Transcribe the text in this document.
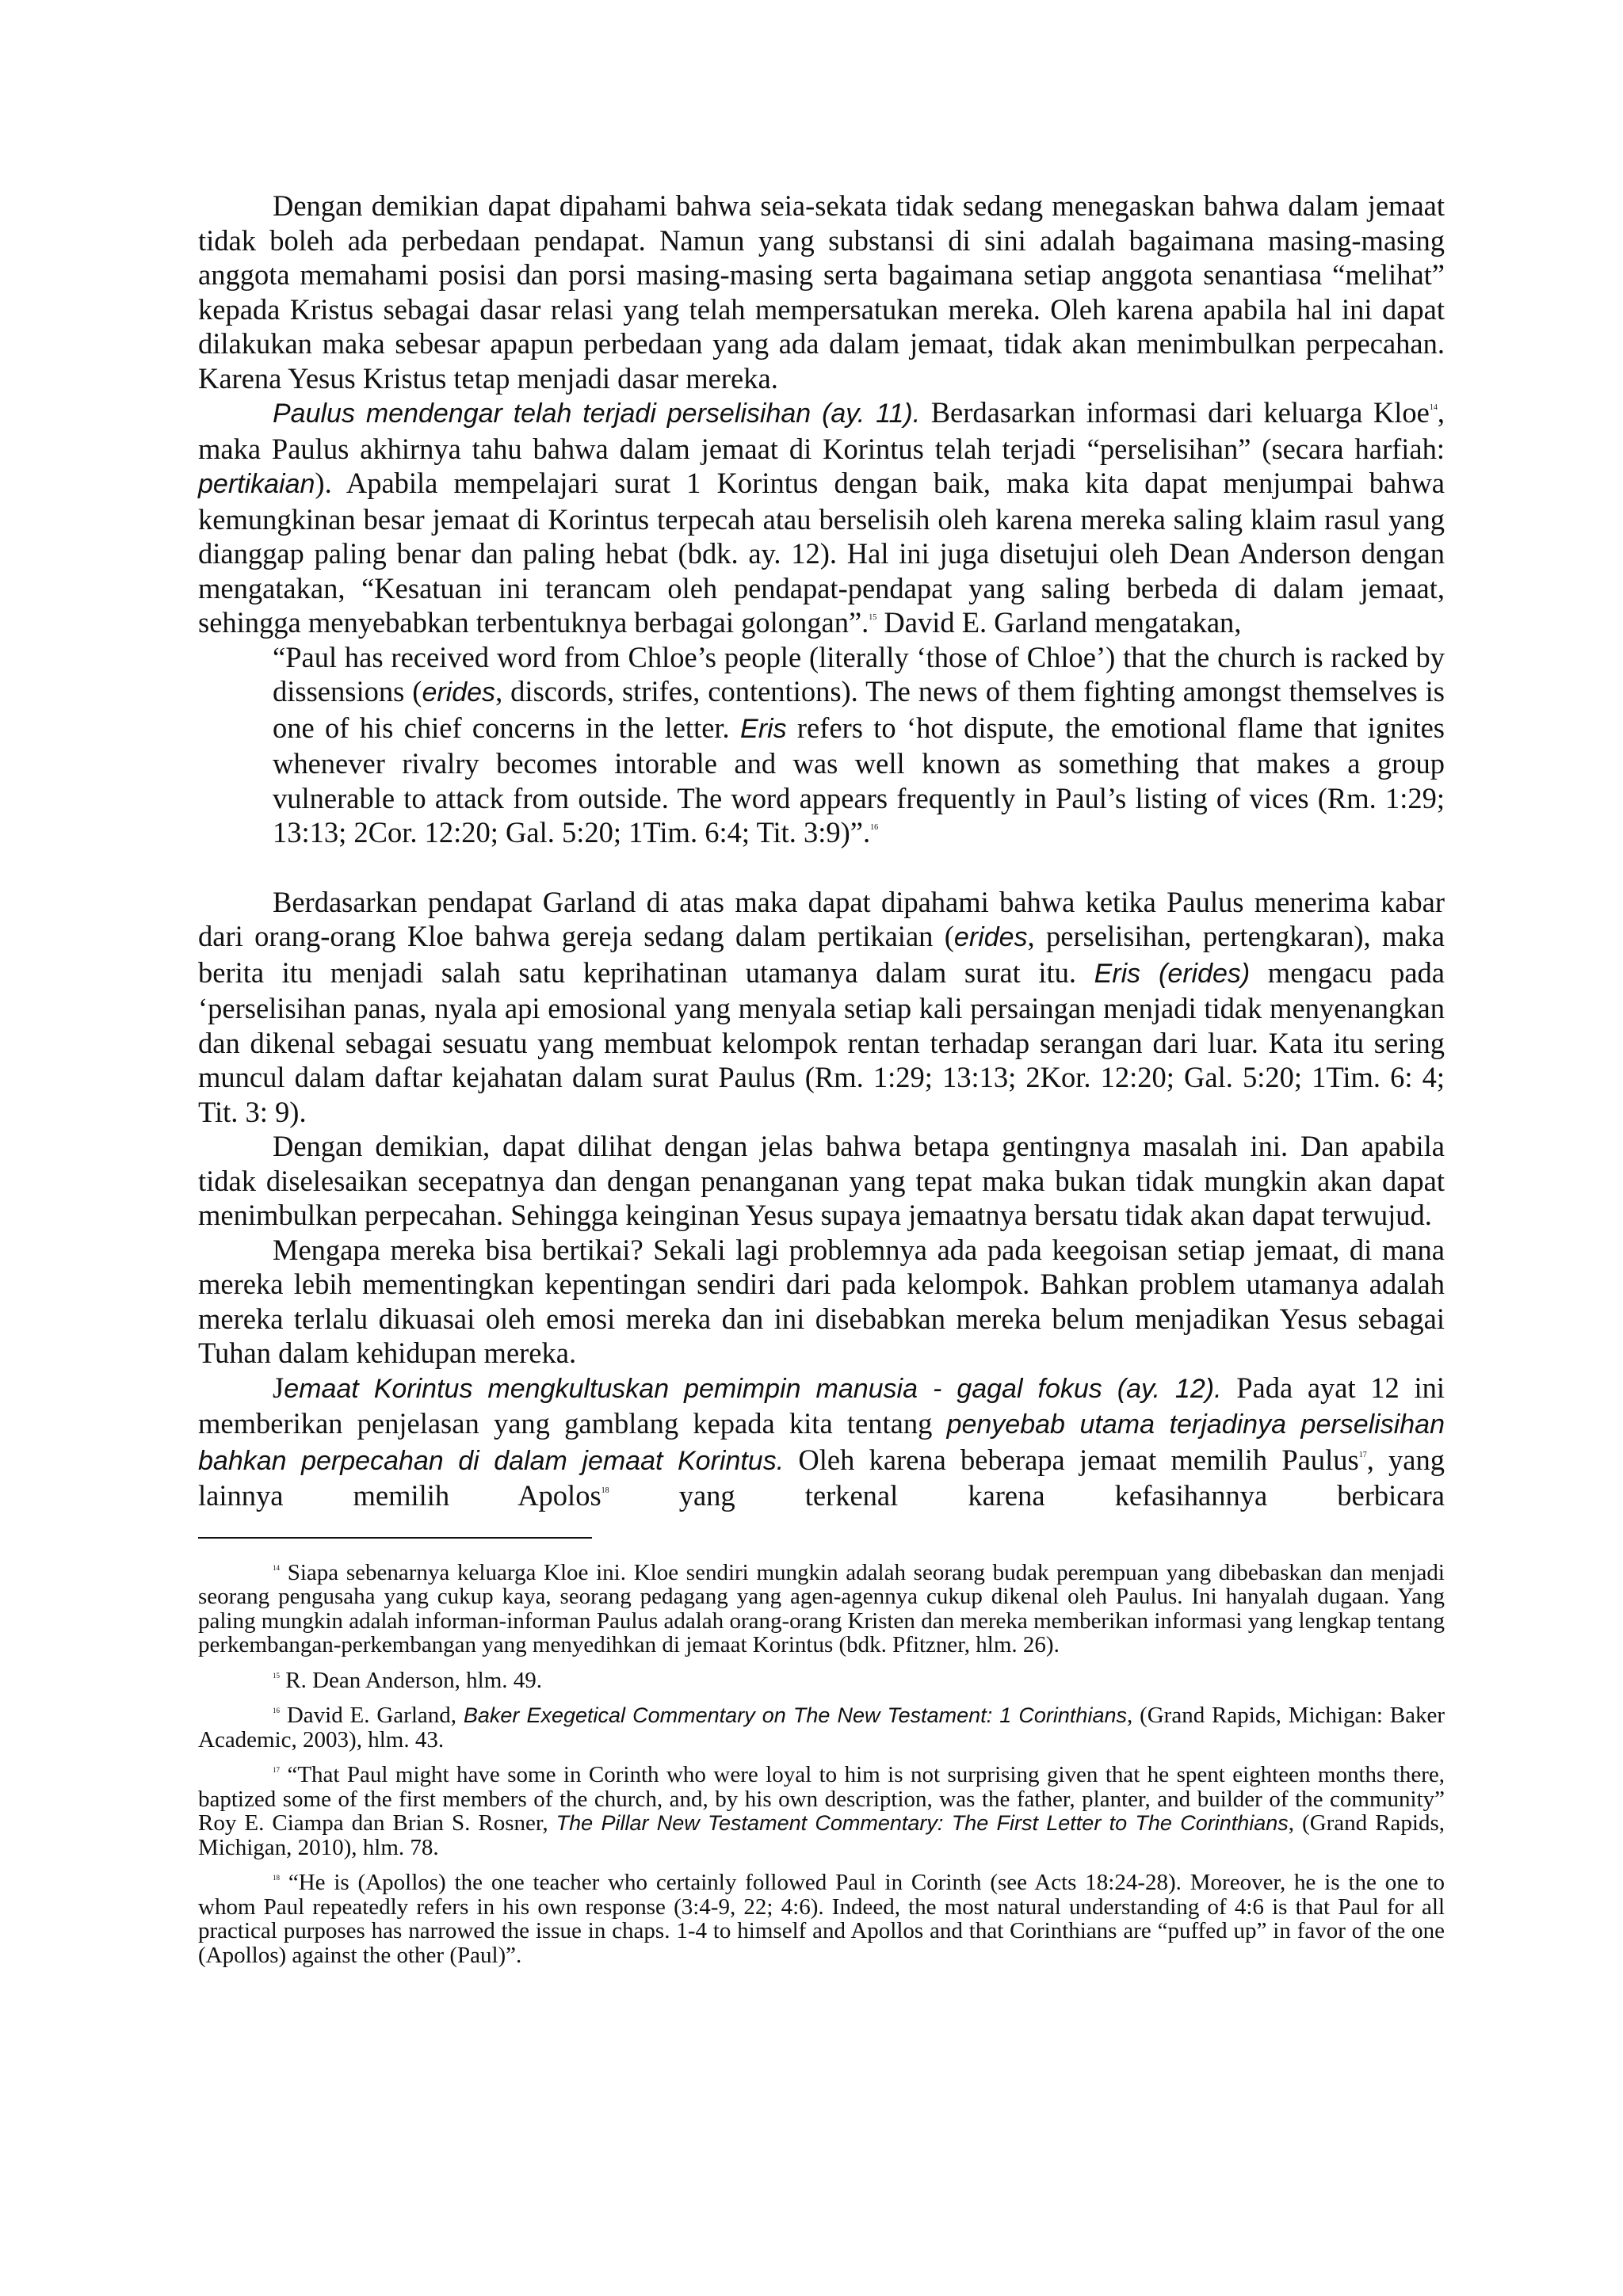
Dengan demikian dapat dipahami bahwa seia-sekata tidak sedang menegaskan bahwa dalam jemaat tidak boleh ada perbedaan pendapat. Namun yang substansi di sini adalah bagaimana masing-masing anggota memahami posisi dan porsi masing-masing serta bagaimana setiap anggota senantiasa “melihat” kepada Kristus sebagai dasar relasi yang telah mempersatukan mereka. Oleh karena apabila hal ini dapat dilakukan maka sebesar apapun perbedaan yang ada dalam jemaat, tidak akan menimbulkan perpecahan. Karena Yesus Kristus tetap menjadi dasar mereka.

Paulus mendengar telah terjadi perselisihan (ay. 11). Berdasarkan informasi dari keluarga Kloe$^{14}$, maka Paulus akhirnya tahu bahwa dalam jemaat di Korintus telah terjadi “perselisihan” (secara harfiah: pertikaian). Apabila mempelajari surat 1 Korintus dengan baik, maka kita dapat menjumpai bahwa kemungkinan besar jemaat di Korintus terpecah atau berselisih oleh karena mereka saling klaim rasul yang dianggap paling benar dan paling hebat (bdk. ay. 12). Hal ini juga disetujui oleh Dean Anderson dengan mengatakan, “Kesatuan ini terancam oleh pendapat-pendapat yang saling berbeda di dalam jemaat, sehingga menyebabkan terbentuknya berbagai golongan”.$^{15}$ David E. Garland mengatakan,

“Paul has received word from Chloe’s people (literally ‘those of Chloe’) that the church is racked by dissensions (erides, discords, strifes, contentions). The news of them fighting amongst themselves is one of his chief concerns in the letter. Eris refers to ‘hot dispute, the emotional flame that ignites whenever rivalry becomes intorable and was well known as something that makes a group vulnerable to attack from outside. The word appears frequently in Paul’s listing of vices (Rm. 1:29; 13:13; 2Cor. 12:20; Gal. 5:20; 1Tim. 6:4; Tit. 3:9)”.$^{16}$

Berdasarkan pendapat Garland di atas maka dapat dipahami bahwa ketika Paulus menerima kabar dari orang-orang Kloe bahwa gereja sedang dalam pertikaian (erides, perselisihan, pertengkaran), maka berita itu menjadi salah satu keprihatinan utamanya dalam surat itu. Eris (erides) mengacu pada ‘perselisihan panas, nyala api emosional yang menyala setiap kali persaingan menjadi tidak menyenangkan dan dikenal sebagai sesuatu yang membuat kelompok rentan terhadap serangan dari luar. Kata itu sering muncul dalam daftar kejahatan dalam surat Paulus (Rm. 1:29; 13:13; 2Kor. 12:20; Gal. 5:20; 1Tim. 6: 4; Tit. 3: 9).

Dengan demikian, dapat dilihat dengan jelas bahwa betapa gentingnya masalah ini. Dan apabila tidak diselesaikan secepatnya dan dengan penanganan yang tepat maka bukan tidak mungkin akan dapat menimbulkan perpecahan. Sehingga keinginan Yesus supaya jemaatnya bersatu tidak akan dapat terwujud.

Mengapa mereka bisa bertikai? Sekali lagi problemnya ada pada keegoisan setiap jemaat, di mana mereka lebih mementingkan kepentingan sendiri dari pada kelompok. Bahkan problem utamanya adalah mereka terlalu dikuasai oleh emosi mereka dan ini disebabkan mereka belum menjadikan Yesus sebagai Tuhan dalam kehidupan mereka.

Jemaat Korintus mengkultuskan pemimpin manusia - gagal fokus (ay. 12). Pada ayat 12 ini memberikan penjelasan yang gamblang kepada kita tentang penyebab utama terjadinya perselisihan bahkan perpecahan di dalam jemaat Korintus. Oleh karena beberapa jemaat memilih Paulus$^{17}$, yang lainnya memilih Apolos$^{18}$ yang terkenal karena kefasihannya berbicara

$^{14}$ Siapa sebenarnya keluarga Kloe ini. Kloe sendiri mungkin adalah seorang budak perempuan yang dibebaskan dan menjadi seorang pengusaha yang cukup kaya, seorang pedagang yang agen-agennya cukup dikenal oleh Paulus. Ini hanyalah dugaan. Yang paling mungkin adalah informan-informan Paulus adalah orang-orang Kristen dan mereka memberikan informasi yang lengkap tentang perkembangan-perkembangan yang menyedihkan di jemaat Korintus (bdk. Pfitzner, hlm. 26).

$^{15}$ R. Dean Anderson, hlm. 49.

$^{16}$ David E. Garland, Baker Exegetical Commentary on The New Testament: 1 Corinthians, (Grand Rapids, Michigan: Baker Academic, 2003), hlm. 43.

$^{17}$ “That Paul might have some in Corinth who were loyal to him is not surprising given that he spent eighteen months there, baptized some of the first members of the church, and, by his own description, was the father, planter, and builder of the community” Roy E. Ciampa dan Brian S. Rosner, The Pillar New Testament Commentary: The First Letter to The Corinthians, (Grand Rapids, Michigan, 2010), hlm. 78.

$^{18}$ “He is (Apollos) the one teacher who certainly followed Paul in Corinth (see Acts 18:24-28). Moreover, he is the one to whom Paul repeatedly refers in his own response (3:4-9, 22; 4:6). Indeed, the most natural understanding of 4:6 is that Paul for all practical purposes has narrowed the issue in chaps. 1-4 to himself and Apollos and that Corinthians are “puffed up” in favor of the one (Apollos) against the other (Paul)”.
